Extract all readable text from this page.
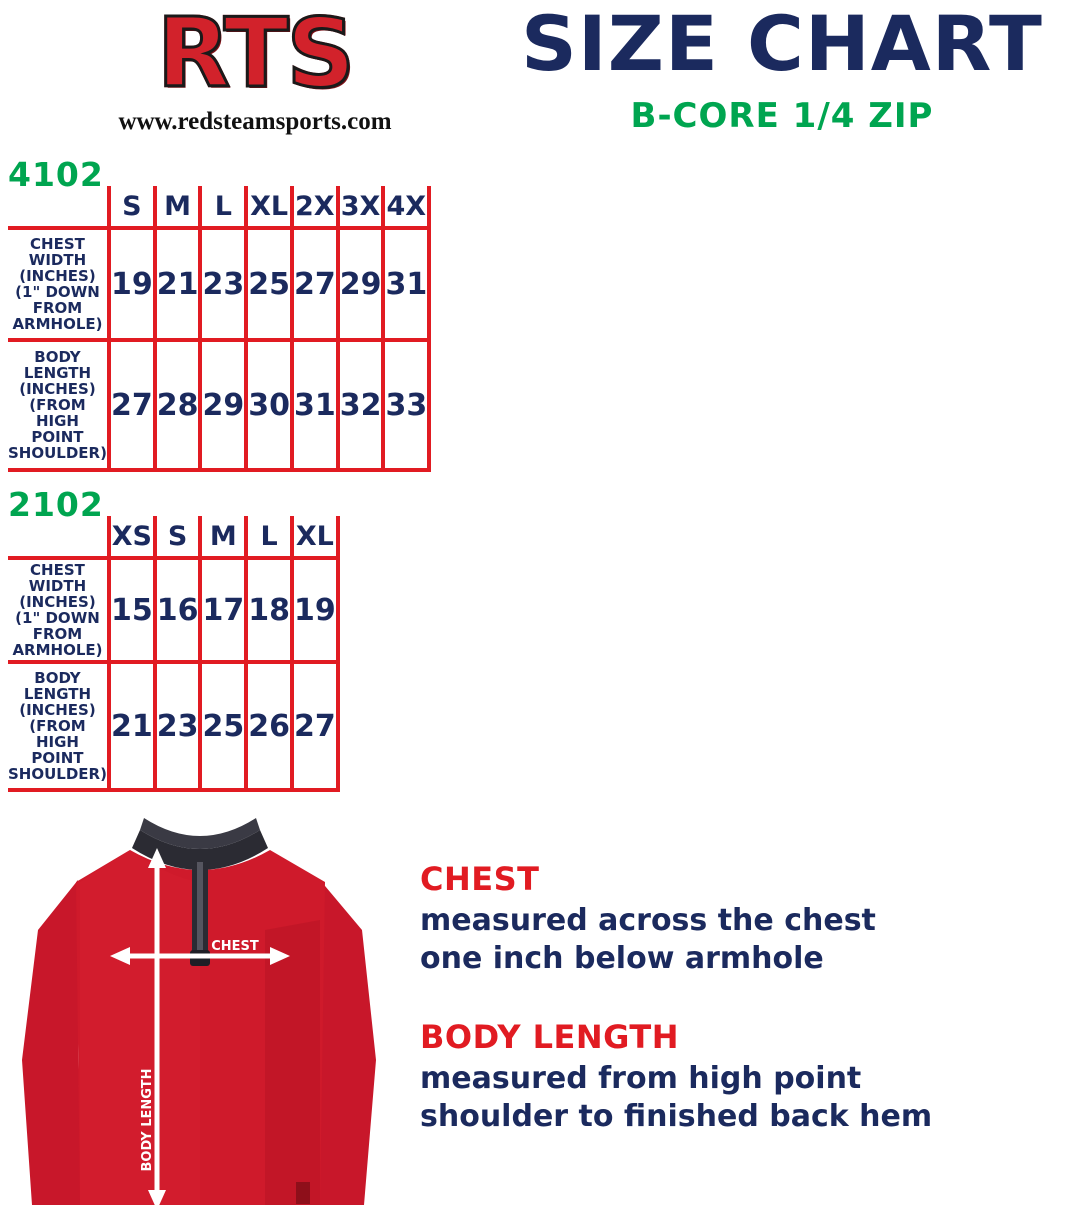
RTS
www.redsteamsports.com
SIZE CHART
B-CORE 1/4 ZIP
4102
	S	M	L	XL	2X	3X	4X
CHEST WIDTH (INCHES) (1" DOWN FROM ARMHOLE)	19	21	23	25	27	29	31
BODY LENGTH (INCHES) (FROM HIGH POINT SHOULDER)	27	28	29	30	31	32	33
2102
	XS	S	M	L	XL
CHEST WIDTH (INCHES) (1" DOWN FROM ARMHOLE)	15	16	17	18	19
BODY LENGTH (INCHES) (FROM HIGH POINT SHOULDER)	21	23	25	26	27
CHEST
BODY LENGTH
CHEST
measured across the chest
one inch below armhole
BODY LENGTH
measured from high point
shoulder to finished back hem
